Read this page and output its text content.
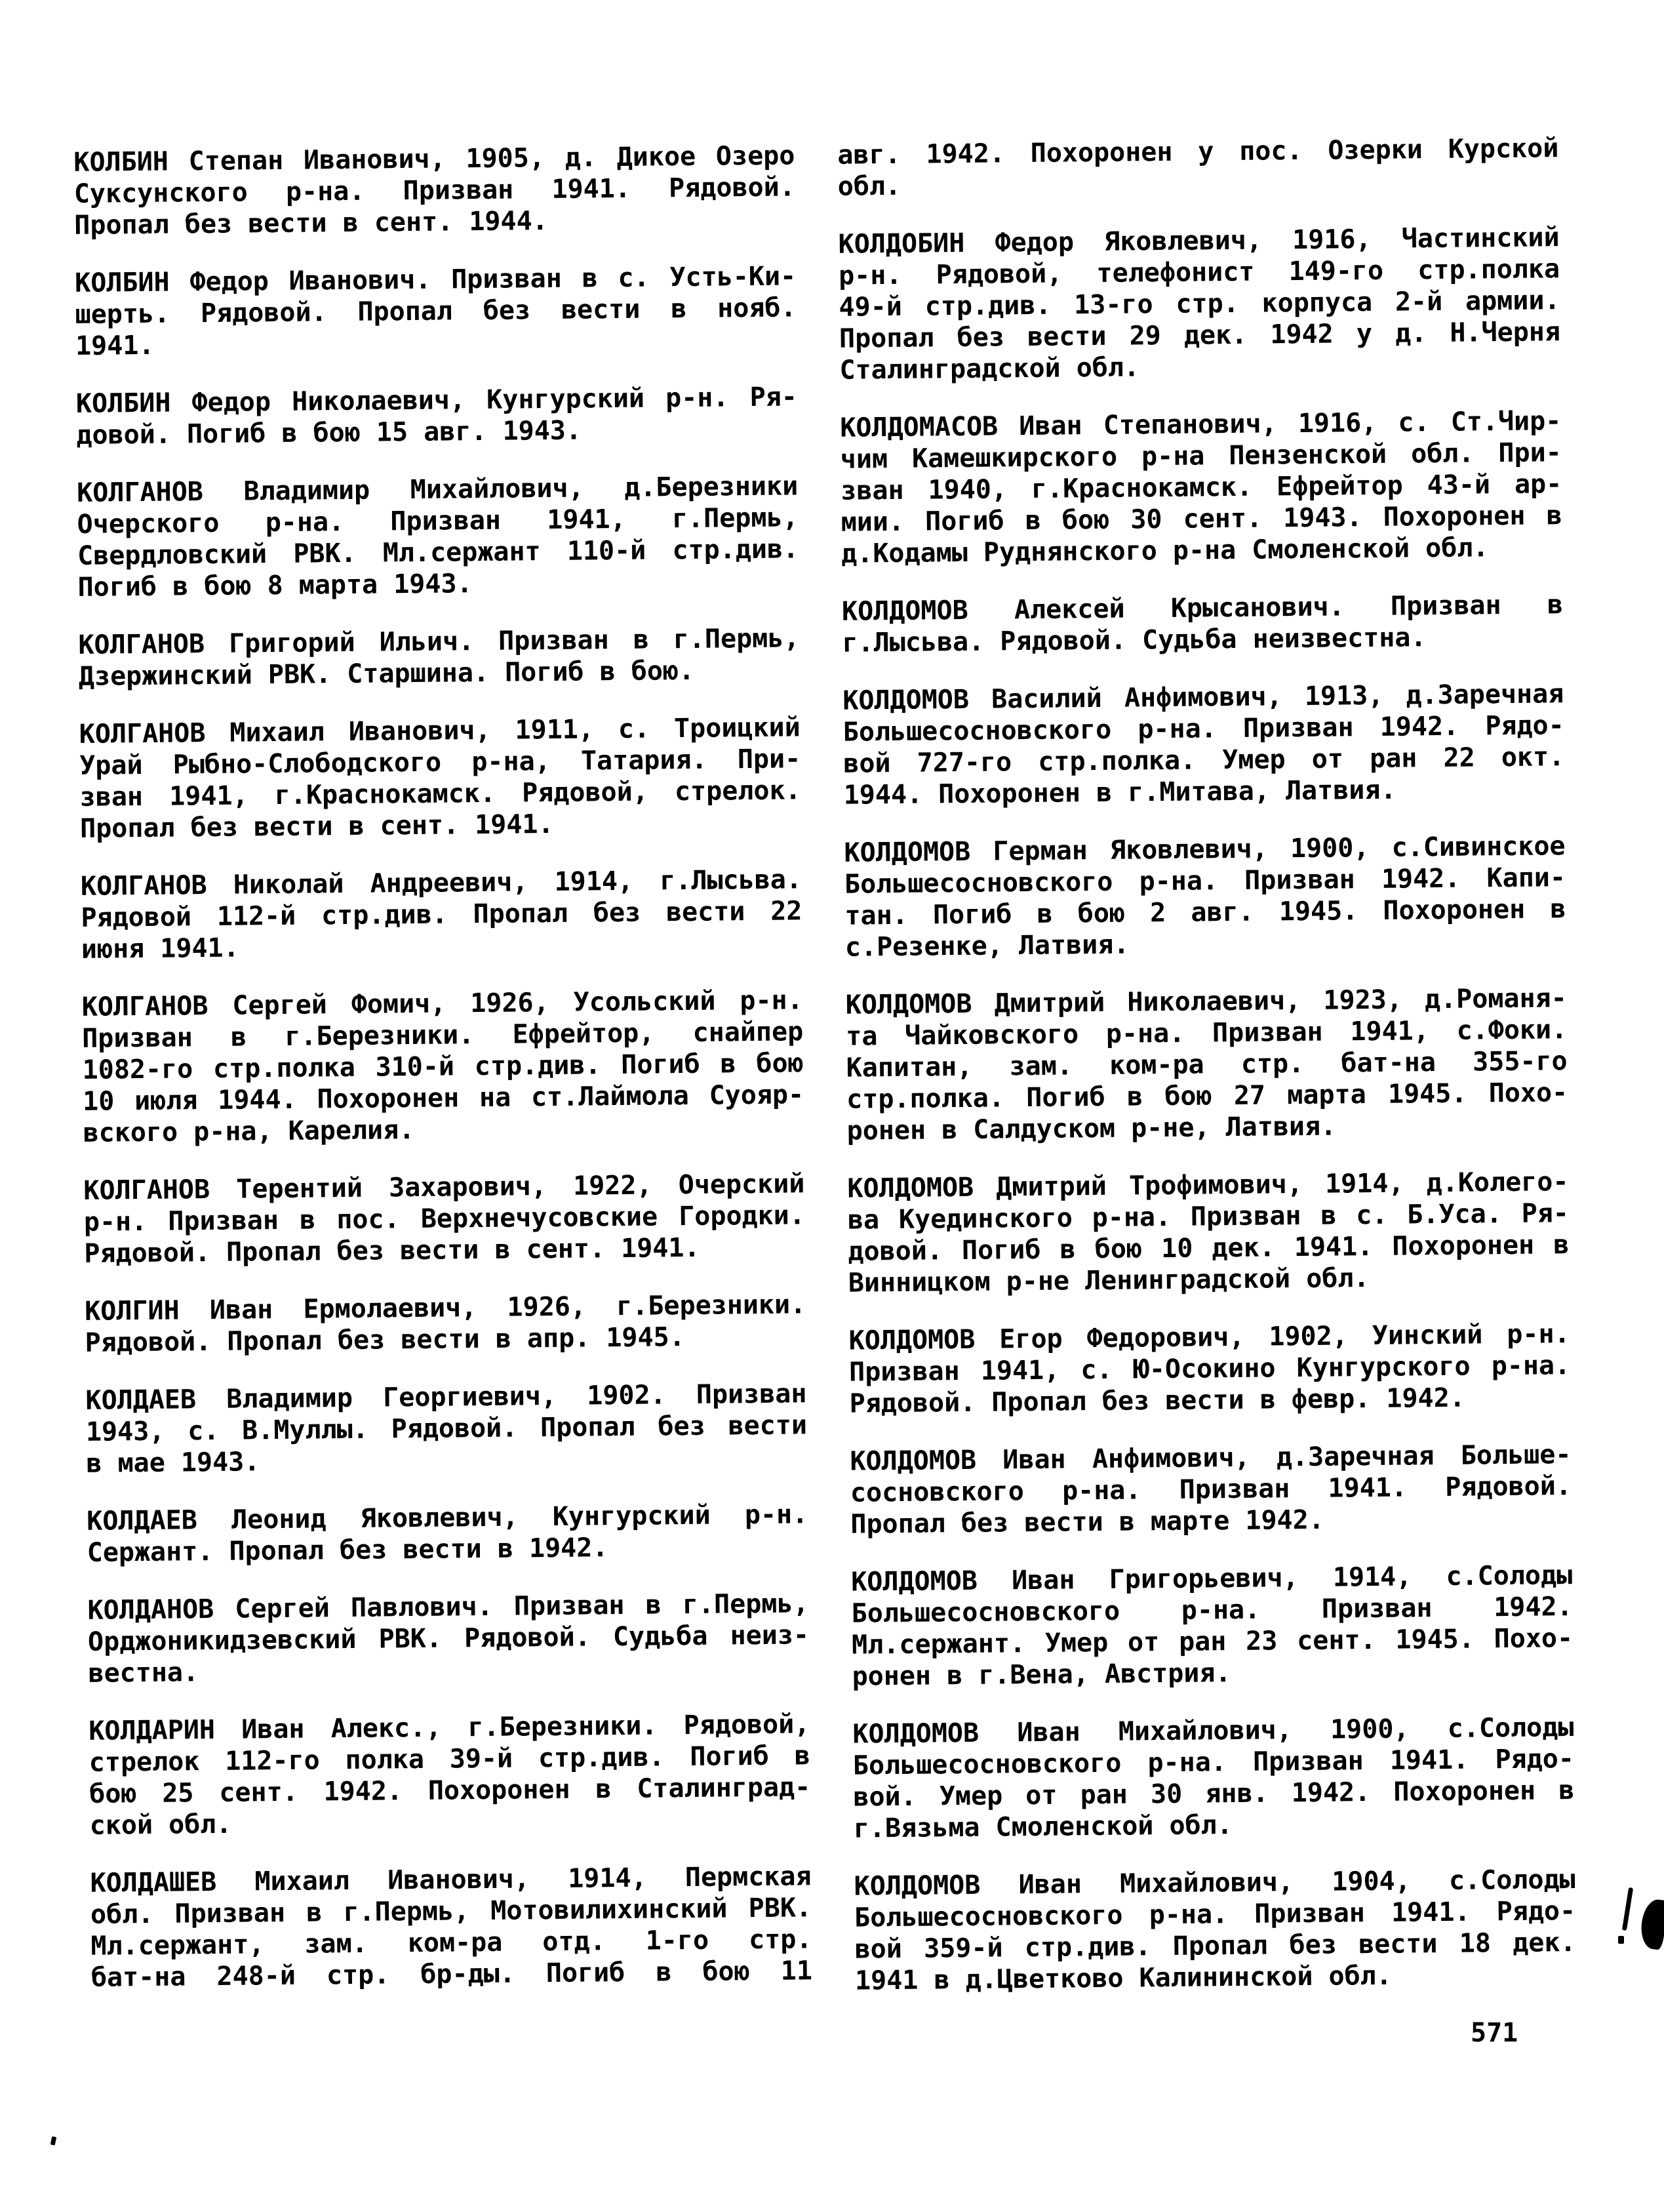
КОЛБИН Степан Иванович, 1905, д. Дикое Озеро
Суксунского р-на. Призван 1941. Рядовой.
Пропал без вести в сент. 1944.
КОЛБИН Федор Иванович. Призван в с. Усть-Ки-
шерть. Рядовой. Пропал без вести в нояб.
1941.
КОЛБИН Федор Николаевич, Кунгурский р-н. Ря-
довой. Погиб в бою 15 авг. 1943.
КОЛГАНОВ Владимир Михайлович, д.Березники
Очерского р-на. Призван 1941, г.Пермь,
Свердловский РВК. Мл.сержант 110-й стр.див.
Погиб в бою 8 марта 1943.
КОЛГАНОВ Григорий Ильич. Призван в г.Пермь,
Дзержинский РВК. Старшина. Погиб в бою.
КОЛГАНОВ Михаил Иванович, 1911, с. Троицкий
Урай Рыбно-Слободского р-на, Татария. При-
зван 1941, г.Краснокамск. Рядовой, стрелок.
Пропал без вести в сент. 1941.
КОЛГАНОВ Николай Андреевич, 1914, г.Лысьва.
Рядовой 112-й стр.див. Пропал без вести 22
июня 1941.
КОЛГАНОВ Сергей Фомич, 1926, Усольский р-н.
Призван в г.Березники. Ефрейтор, снайпер
1082-го стр.полка 310-й стр.див. Погиб в бою
10 июля 1944. Похоронен на ст.Лаймола Суояр-
вского р-на, Карелия.
КОЛГАНОВ Терентий Захарович, 1922, Очерский
р-н. Призван в пос. Верхнечусовские Городки.
Рядовой. Пропал без вести в сент. 1941.
КОЛГИН Иван Ермолаевич, 1926, г.Березники.
Рядовой. Пропал без вести в апр. 1945.
КОЛДАЕВ Владимир Георгиевич, 1902. Призван
1943, с. В.Муллы. Рядовой. Пропал без вести
в мае 1943.
КОЛДАЕВ Леонид Яковлевич, Кунгурский р-н.
Сержант. Пропал без вести в 1942.
КОЛДАНОВ Сергей Павлович. Призван в г.Пермь,
Орджоникидзевский РВК. Рядовой. Судьба неиз-
вестна.
КОЛДАРИН Иван Алекс., г.Березники. Рядовой,
стрелок 112-го полка 39-й стр.див. Погиб в
бою 25 сент. 1942. Похоронен в Сталинград-
ской обл.
КОЛДАШЕВ Михаил Иванович, 1914, Пермская
обл. Призван в г.Пермь, Мотовилихинский РВК.
Мл.сержант, зам. ком-ра отд. 1-го стр.
бат-на 248-й стр. бр-ды. Погиб в бою 11
авг. 1942. Похоронен у пос. Озерки Курской
обл.
КОЛДОБИН Федор Яковлевич, 1916, Частинский
р-н. Рядовой, телефонист 149-го стр.полка
49-й стр.див. 13-го стр. корпуса 2-й армии.
Пропал без вести 29 дек. 1942 у д. Н.Черня
Сталинградской обл.
КОЛДОМАСОВ Иван Степанович, 1916, с. Ст.Чир-
чим Камешкирского р-на Пензенской обл. При-
зван 1940, г.Краснокамск. Ефрейтор 43-й ар-
мии. Погиб в бою 30 сент. 1943. Похоронен в
д.Кодамы Руднянского р-на Смоленской обл.
КОЛДОМОВ Алексей Крысанович. Призван в
г.Лысьва. Рядовой. Судьба неизвестна.
КОЛДОМОВ Василий Анфимович, 1913, д.Заречная
Большесосновского р-на. Призван 1942. Рядо-
вой 727-го стр.полка. Умер от ран 22 окт.
1944. Похоронен в г.Митава, Латвия.
КОЛДОМОВ Герман Яковлевич, 1900, с.Сивинское
Большесосновского р-на. Призван 1942. Капи-
тан. Погиб в бою 2 авг. 1945. Похоронен в
с.Резенке, Латвия.
КОЛДОМОВ Дмитрий Николаевич, 1923, д.Романя-
та Чайковского р-на. Призван 1941, с.Фоки.
Капитан, зам. ком-ра стр. бат-на 355-го
стр.полка. Погиб в бою 27 марта 1945. Похо-
ронен в Салдуском р-не, Латвия.
КОЛДОМОВ Дмитрий Трофимович, 1914, д.Колего-
ва Куединского р-на. Призван в с. Б.Уса. Ря-
довой. Погиб в бою 10 дек. 1941. Похоронен в
Винницком р-не Ленинградской обл.
КОЛДОМОВ Егор Федорович, 1902, Уинский р-н.
Призван 1941, с. Ю-Осокино Кунгурского р-на.
Рядовой. Пропал без вести в февр. 1942.
КОЛДОМОВ Иван Анфимович, д.Заречная Больше-
сосновского р-на. Призван 1941. Рядовой.
Пропал без вести в марте 1942.
КОЛДОМОВ Иван Григорьевич, 1914, с.Солоды
Большесосновского р-на. Призван 1942.
Мл.сержант. Умер от ран 23 сент. 1945. Похо-
ронен в г.Вена, Австрия.
КОЛДОМОВ Иван Михайлович, 1900, с.Солоды
Большесосновского р-на. Призван 1941. Рядо-
вой. Умер от ран 30 янв. 1942. Похоронен в
г.Вязьма Смоленской обл.
КОЛДОМОВ Иван Михайлович, 1904, с.Солоды
Большесосновского р-на. Призван 1941. Рядо-
вой 359-й стр.див. Пропал без вести 18 дек.
1941 в д.Цветково Калининской обл.
571
